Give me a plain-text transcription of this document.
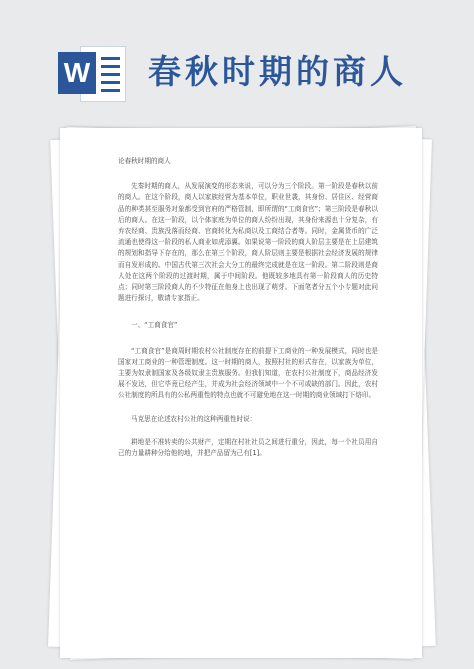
W 春秋时期的商人

论春秋时期的商人

先秦时期的商人，从发展演变的形态来说，可以分为三个阶段。第一阶段是春秋以前的商人。在这个阶段，商人以家族经营为基本单位，职业世袭，其身份、居住区、经营商品的种类甚至服务对象都受到官府的严格管制，即所谓的“工商食官”；第三阶段是春秋以后的商人。在这一阶段，以个体家庭为单位的商人纷纷出现，其身份来源也十分复杂，有弃农经商、贵族没落而经商、官商转化为私商以及工商结合者等。同时，金属货币的广泛流通也使得这一阶段的私人商业如虎添翼。如果说第一阶段的商人阶层主要是在上层建筑的规划和指导下存在的，那么在第三个阶段，商人阶层则主要是根据社会经济发展的规律而自发形成的。中国古代第三次社会大分工的最终完成就是在这一阶段。第二阶段则是商人处在这两个阶段的过渡时期，属于中间阶段。他既较多地具有第一阶段商人的历史特点；同时第三阶段商人的不少特征在他身上也出现了萌芽。下面笔者分五个小专题对此问题进行探讨，敬请专家指正。

一、“工商食官”

“工商食官”是商周时期农村公社制度存在的前提下工商业的一种发展模式，同时也是国家对工商业的一种管理制度。这一时期的商人，按照村社的形式存在，以家族为单位，主要为奴隶制国家及各级奴隶主贵族服务。但我们知道，在农村公社制度下，商品经济发展不发达，但它毕竟已经产生，并成为社会经济领域中一个不可或缺的部门。因此，农村公社制度的所具有的公私两重性的特点也就不可避免地在这一时期的商业领域打下烙印。

马克思在论述农村公社的这种两重性时说：

耕地是不准转卖的公共财产，定期在村社社员之间进行重分，因此，每一个社员用自己的力量耕种分给他的地，并把产品留为己有[1]。
